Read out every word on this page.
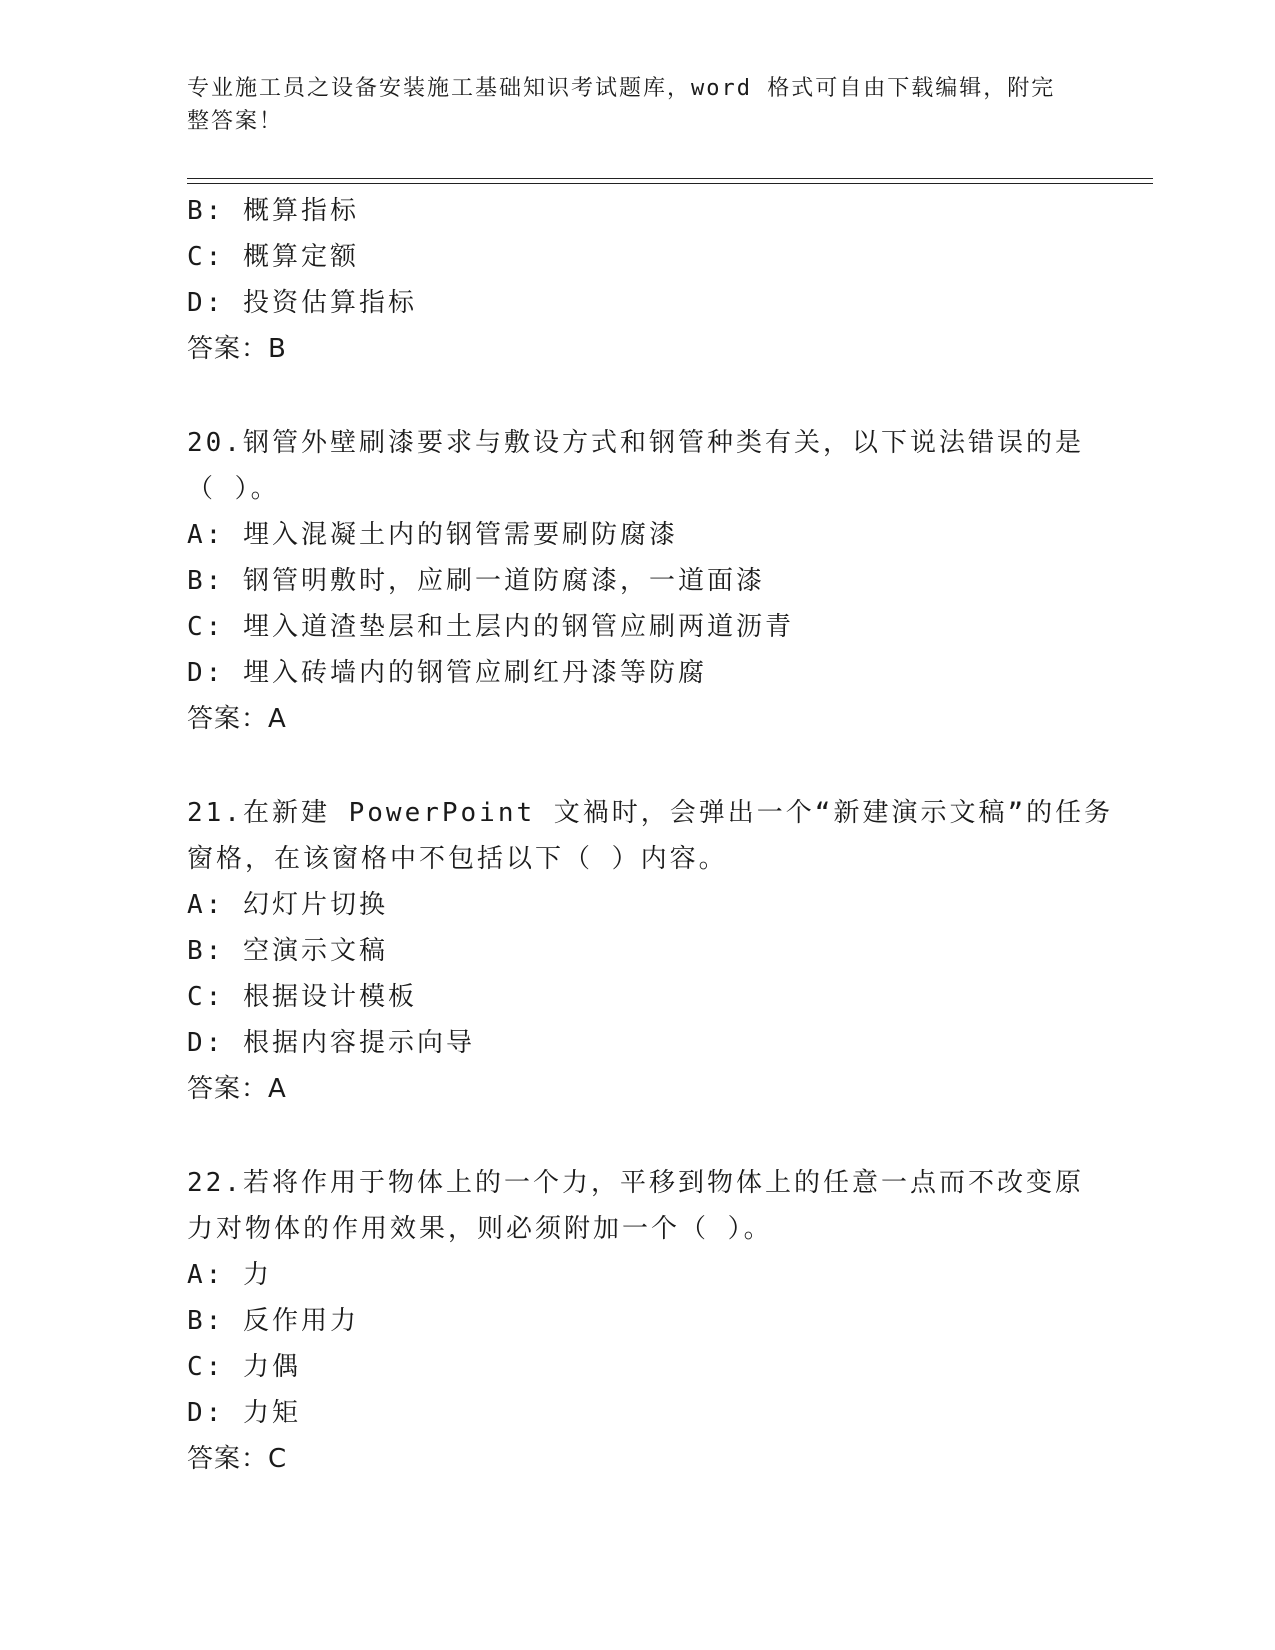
专业施工员之设备安装施工基础知识考试题库，word 格式可自由下载编辑，附完
整答案！
B: 概算指标
C: 概算定额
D: 投资估算指标
答案：B
20.钢管外壁刷漆要求与敷设方式和钢管种类有关，以下说法错误的是
（ ）。
A: 埋入混凝土内的钢管需要刷防腐漆
B: 钢管明敷时，应刷一道防腐漆，一道面漆
C: 埋入道渣垫层和土层内的钢管应刷两道沥青
D: 埋入砖墙内的钢管应刷红丹漆等防腐
答案：A
21.在新建 PowerPoint 文禍时，会弹出一个“新建演示文稿”的任务
窗格，在该窗格中不包括以下（ ）内容。
A: 幻灯片切换
B: 空演示文稿
C: 根据设计模板
D: 根据内容提示向导
答案：A
22.若将作用于物体上的一个力，平移到物体上的任意一点而不改变原
力对物体的作用效果，则必须附加一个（ ）。
A: 力
B: 反作用力
C: 力偶
D: 力矩
答案：C
